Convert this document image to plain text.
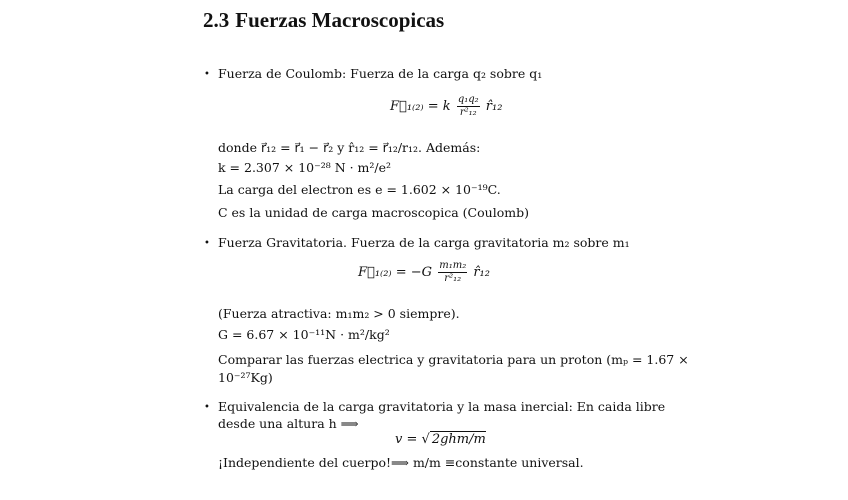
2.3 Fuerzas Macroscopicas
• Fuerza de Coulomb: Fuerza de la carga q₂ sobre q₁
F⃗₁₍₂₎ = k $\frac{\text{q₁q₂}}{\text{r²₁₂}}$ r̂₁₂
donde r⃗₁₂ = r⃗₁ − r⃗₂ y r̂₁₂ = r⃗₁₂/r₁₂. Además:
k = 2.307 × 10⁻²⁸ N · m²/e²
La carga del electron es e = 1.602 × 10⁻¹⁹C.
C es la unidad de carga macroscopica (Coulomb)
• Fuerza Gravitatoria. Fuerza de la carga gravitatoria m₂ sobre m₁
F⃗₁₍₂₎ = $-G \frac{\text{m₁m₂}}{\text{r²₁₂}}$ r̂₁₂
(Fuerza atractiva: m₁m₂ > 0 siempre).
G = 6.67 × 10⁻¹¹N · m²/kg²
Comparar las fuerzas electrica y gravitatoria para un proton (mₚ = 1.67 ×
10⁻²⁷Kg)
• Equivalencia de la carga gravitatoria y la masa inercial: En caida libre
desde una altura h ⟹
v = √ 2ghm/m
¡Independiente del cuerpo!⟹ m/m ≡constante universal.
